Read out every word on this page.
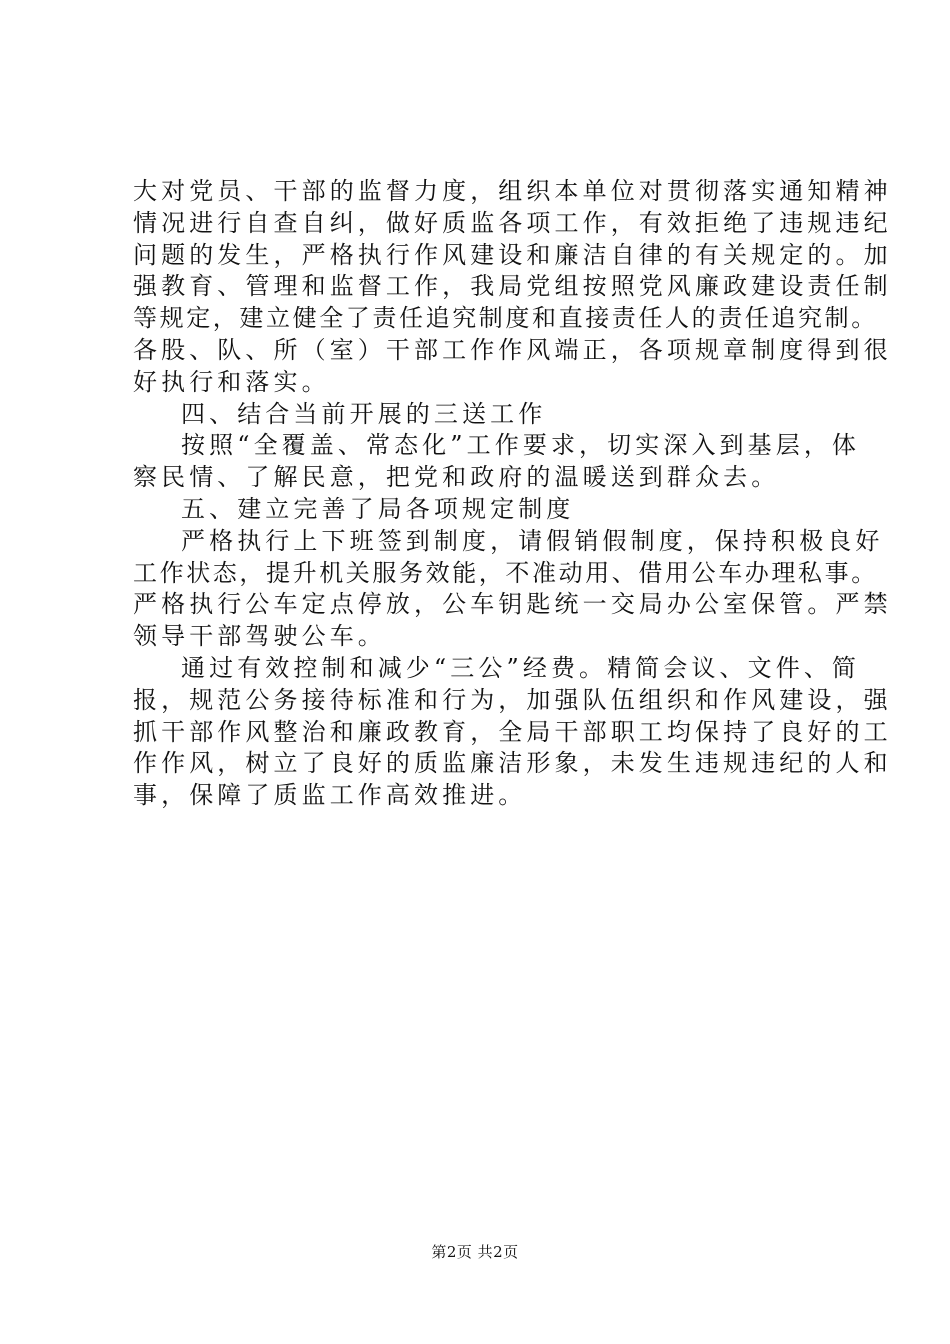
大对党员、干部的监督力度，组织本单位对贯彻落实通知精神
情况进行自查自纠，做好质监各项工作，有效拒绝了违规违纪
问题的发生，严格执行作风建设和廉洁自律的有关规定的。加
强教育、管理和监督工作，我局党组按照党风廉政建设责任制
等规定，建立健全了责任追究制度和直接责任人的责任追究制。
各股、队、所（室）干部工作作风端正，各项规章制度得到很
好执行和落实。
四、结合当前开展的三送工作
按照“全覆盖、常态化”工作要求，切实深入到基层，体
察民情、了解民意，把党和政府的温暖送到群众去。
五、建立完善了局各项规定制度
严格执行上下班签到制度，请假销假制度，保持积极良好
工作状态，提升机关服务效能，不准动用、借用公车办理私事。
严格执行公车定点停放，公车钥匙统一交局办公室保管。严禁
领导干部驾驶公车。
通过有效控制和减少“三公”经费。精简会议、文件、简
报，规范公务接待标准和行为，加强队伍组织和作风建设，强
抓干部作风整治和廉政教育，全局干部职工均保持了良好的工
作作风，树立了良好的质监廉洁形象，未发生违规违纪的人和
事，保障了质监工作高效推进。
第2页 共2页
